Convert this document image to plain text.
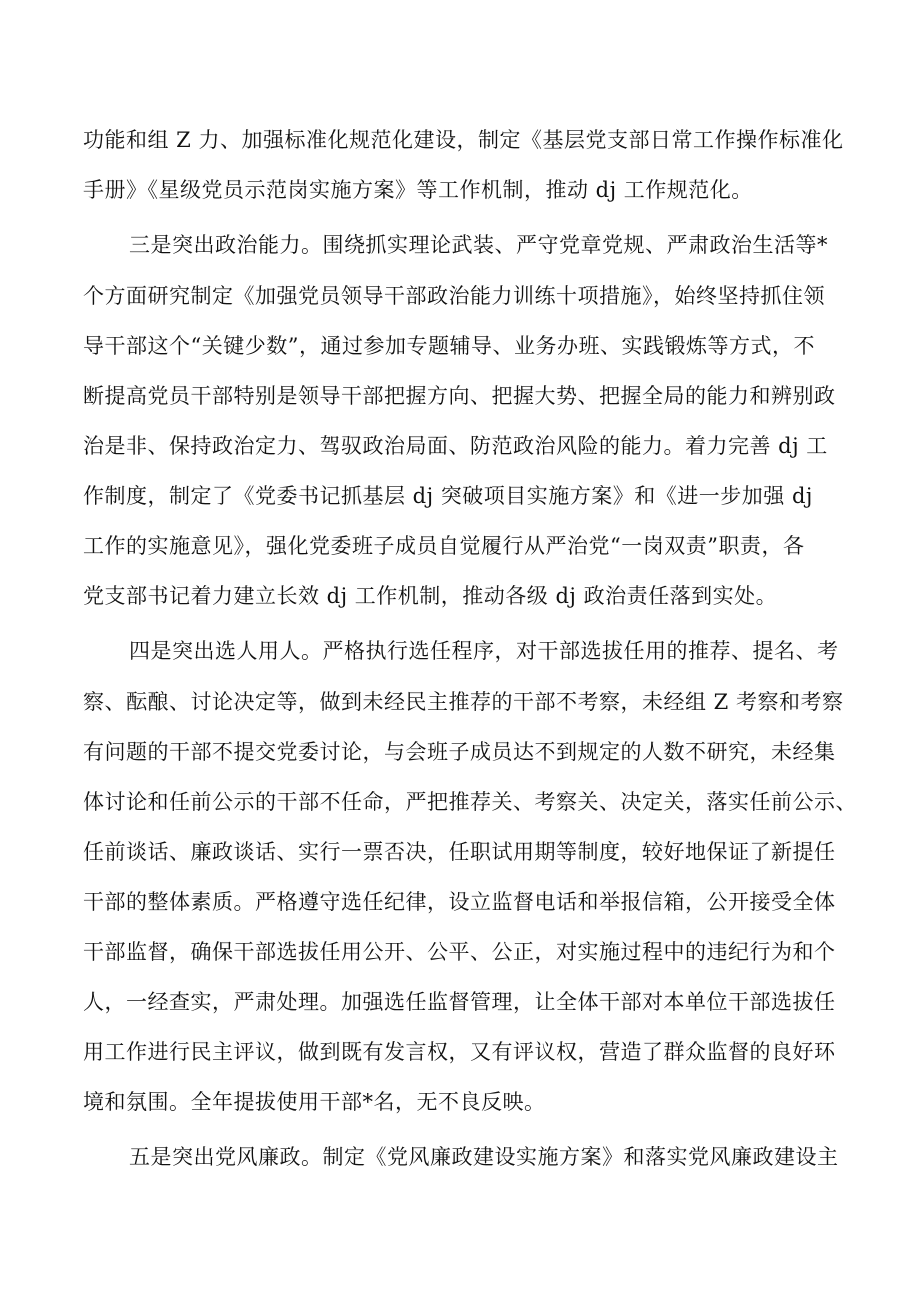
功能和组 Z 力、加强标准化规范化建设，制定《基层党支部日常工作操作标准化
手册》《星级党员示范岗实施方案》等工作机制，推动 dj 工作规范化。
三是突出政治能力。围绕抓实理论武装、严守党章党规、严肃政治生活等*
个方面研究制定《加强党员领导干部政治能力训练十项措施》，始终坚持抓住领
导干部这个“关键少数”，通过参加专题辅导、业务办班、实践锻炼等方式，不
断提高党员干部特别是领导干部把握方向、把握大势、把握全局的能力和辨别政
治是非、保持政治定力、驾驭政治局面、防范政治风险的能力。着力完善 dj 工
作制度，制定了《党委书记抓基层 dj 突破项目实施方案》和《进一步加强 dj
工作的实施意见》，强化党委班子成员自觉履行从严治党“一岗双责”职责，各
党支部书记着力建立长效 dj 工作机制，推动各级 dj 政治责任落到实处。
四是突出选人用人。严格执行选任程序，对干部选拔任用的推荐、提名、考
察、酝酿、讨论决定等，做到未经民主推荐的干部不考察，未经组 Z 考察和考察
有问题的干部不提交党委讨论，与会班子成员达不到规定的人数不研究，未经集
体讨论和任前公示的干部不任命，严把推荐关、考察关、决定关，落实任前公示、
任前谈话、廉政谈话、实行一票否决，任职试用期等制度，较好地保证了新提任
干部的整体素质。严格遵守选任纪律，设立监督电话和举报信箱，公开接受全体
干部监督，确保干部选拔任用公开、公平、公正，对实施过程中的违纪行为和个
人，一经查实，严肃处理。加强选任监督管理，让全体干部对本单位干部选拔任
用工作进行民主评议，做到既有发言权，又有评议权，营造了群众监督的良好环
境和氛围。全年提拔使用干部*名，无不良反映。
五是突出党风廉政。制定《党风廉政建设实施方案》和落实党风廉政建设主
